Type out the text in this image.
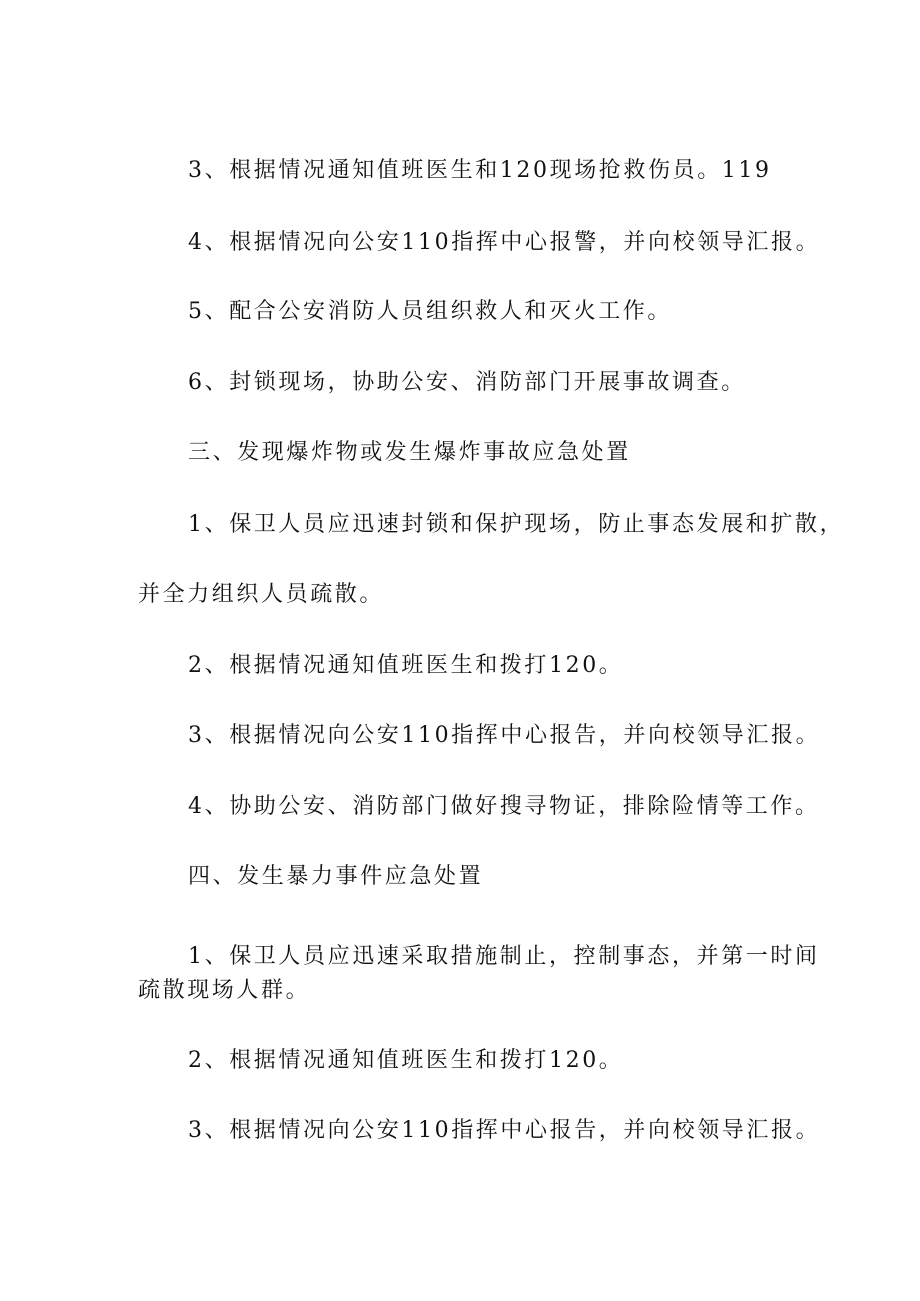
3、根据情况通知值班医生和120现场抢救伤员。119
4、根据情况向公安110指挥中心报警，并向校领导汇报。
5、配合公安消防人员组织救人和灭火工作。
6、封锁现场，协助公安、消防部门开展事故调查。
三、发现爆炸物或发生爆炸事故应急处置
1、保卫人员应迅速封锁和保护现场，防止事态发展和扩散，
并全力组织人员疏散。
2、根据情况通知值班医生和拨打120。
3、根据情况向公安110指挥中心报告，并向校领导汇报。
4、协助公安、消防部门做好搜寻物证，排除险情等工作。
四、发生暴力事件应急处置
1、保卫人员应迅速采取措施制止，控制事态，并第一时间
疏散现场人群。
2、根据情况通知值班医生和拨打120。
3、根据情况向公安110指挥中心报告，并向校领导汇报。
